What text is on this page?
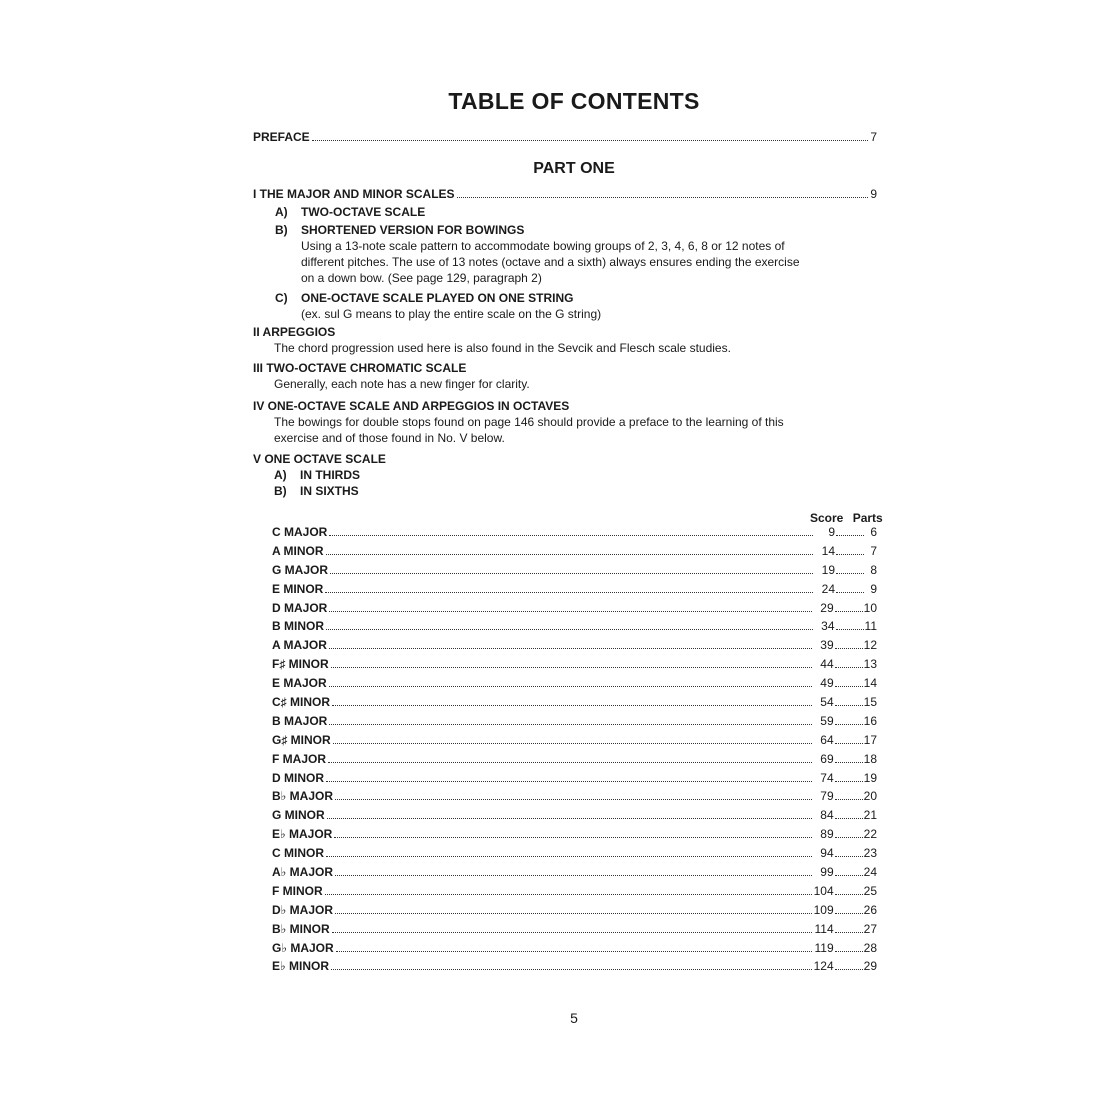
TABLE OF CONTENTS
PREFACE	7
PART ONE
I THE MAJOR AND MINOR SCALES	9
A)	TWO-OCTAVE SCALE
B)	SHORTENED VERSION FOR BOWINGS
Using a 13-note scale pattern to accommodate bowing groups of 2, 3, 4, 6, 8 or 12 notes of
different pitches. The use of 13 notes (octave and a sixth) always ensures ending the exercise
on a down bow. (See page 129, paragraph 2)
C)	ONE-OCTAVE SCALE PLAYED ON ONE STRING
(ex. sul G means to play the entire scale on the G string)
II ARPEGGIOS
The chord progression used here is also found in the Sevcik and Flesch scale studies.
III TWO-OCTAVE CHROMATIC SCALE
Generally, each note has a new finger for clarity.
IV ONE-OCTAVE SCALE AND ARPEGGIOS IN OCTAVES
The bowings for double stops found on page 146 should provide a preface to the learning of this
exercise and of those found in No. V below.
V ONE OCTAVE SCALE
A)	IN THIRDS
B)	IN SIXTHS
Score Parts
C MAJOR	9	6
A MINOR	14	7
G MAJOR	19	8
E MINOR	24	9
D MAJOR	29	10
B MINOR	34	11
A MAJOR	39	12
F♯ MINOR	44	13
E MAJOR	49	14
C♯ MINOR	54	15
B MAJOR	59	16
G♯ MINOR	64	17
F MAJOR	69	18
D MINOR	74	19
B♭ MAJOR	79	20
G MINOR	84	21
E♭ MAJOR	89	22
C MINOR	94	23
A♭ MAJOR	99	24
F MINOR	104	25
D♭ MAJOR	109	26
B♭ MINOR	114	27
G♭ MAJOR	119	28
E♭ MINOR	124	29
5
